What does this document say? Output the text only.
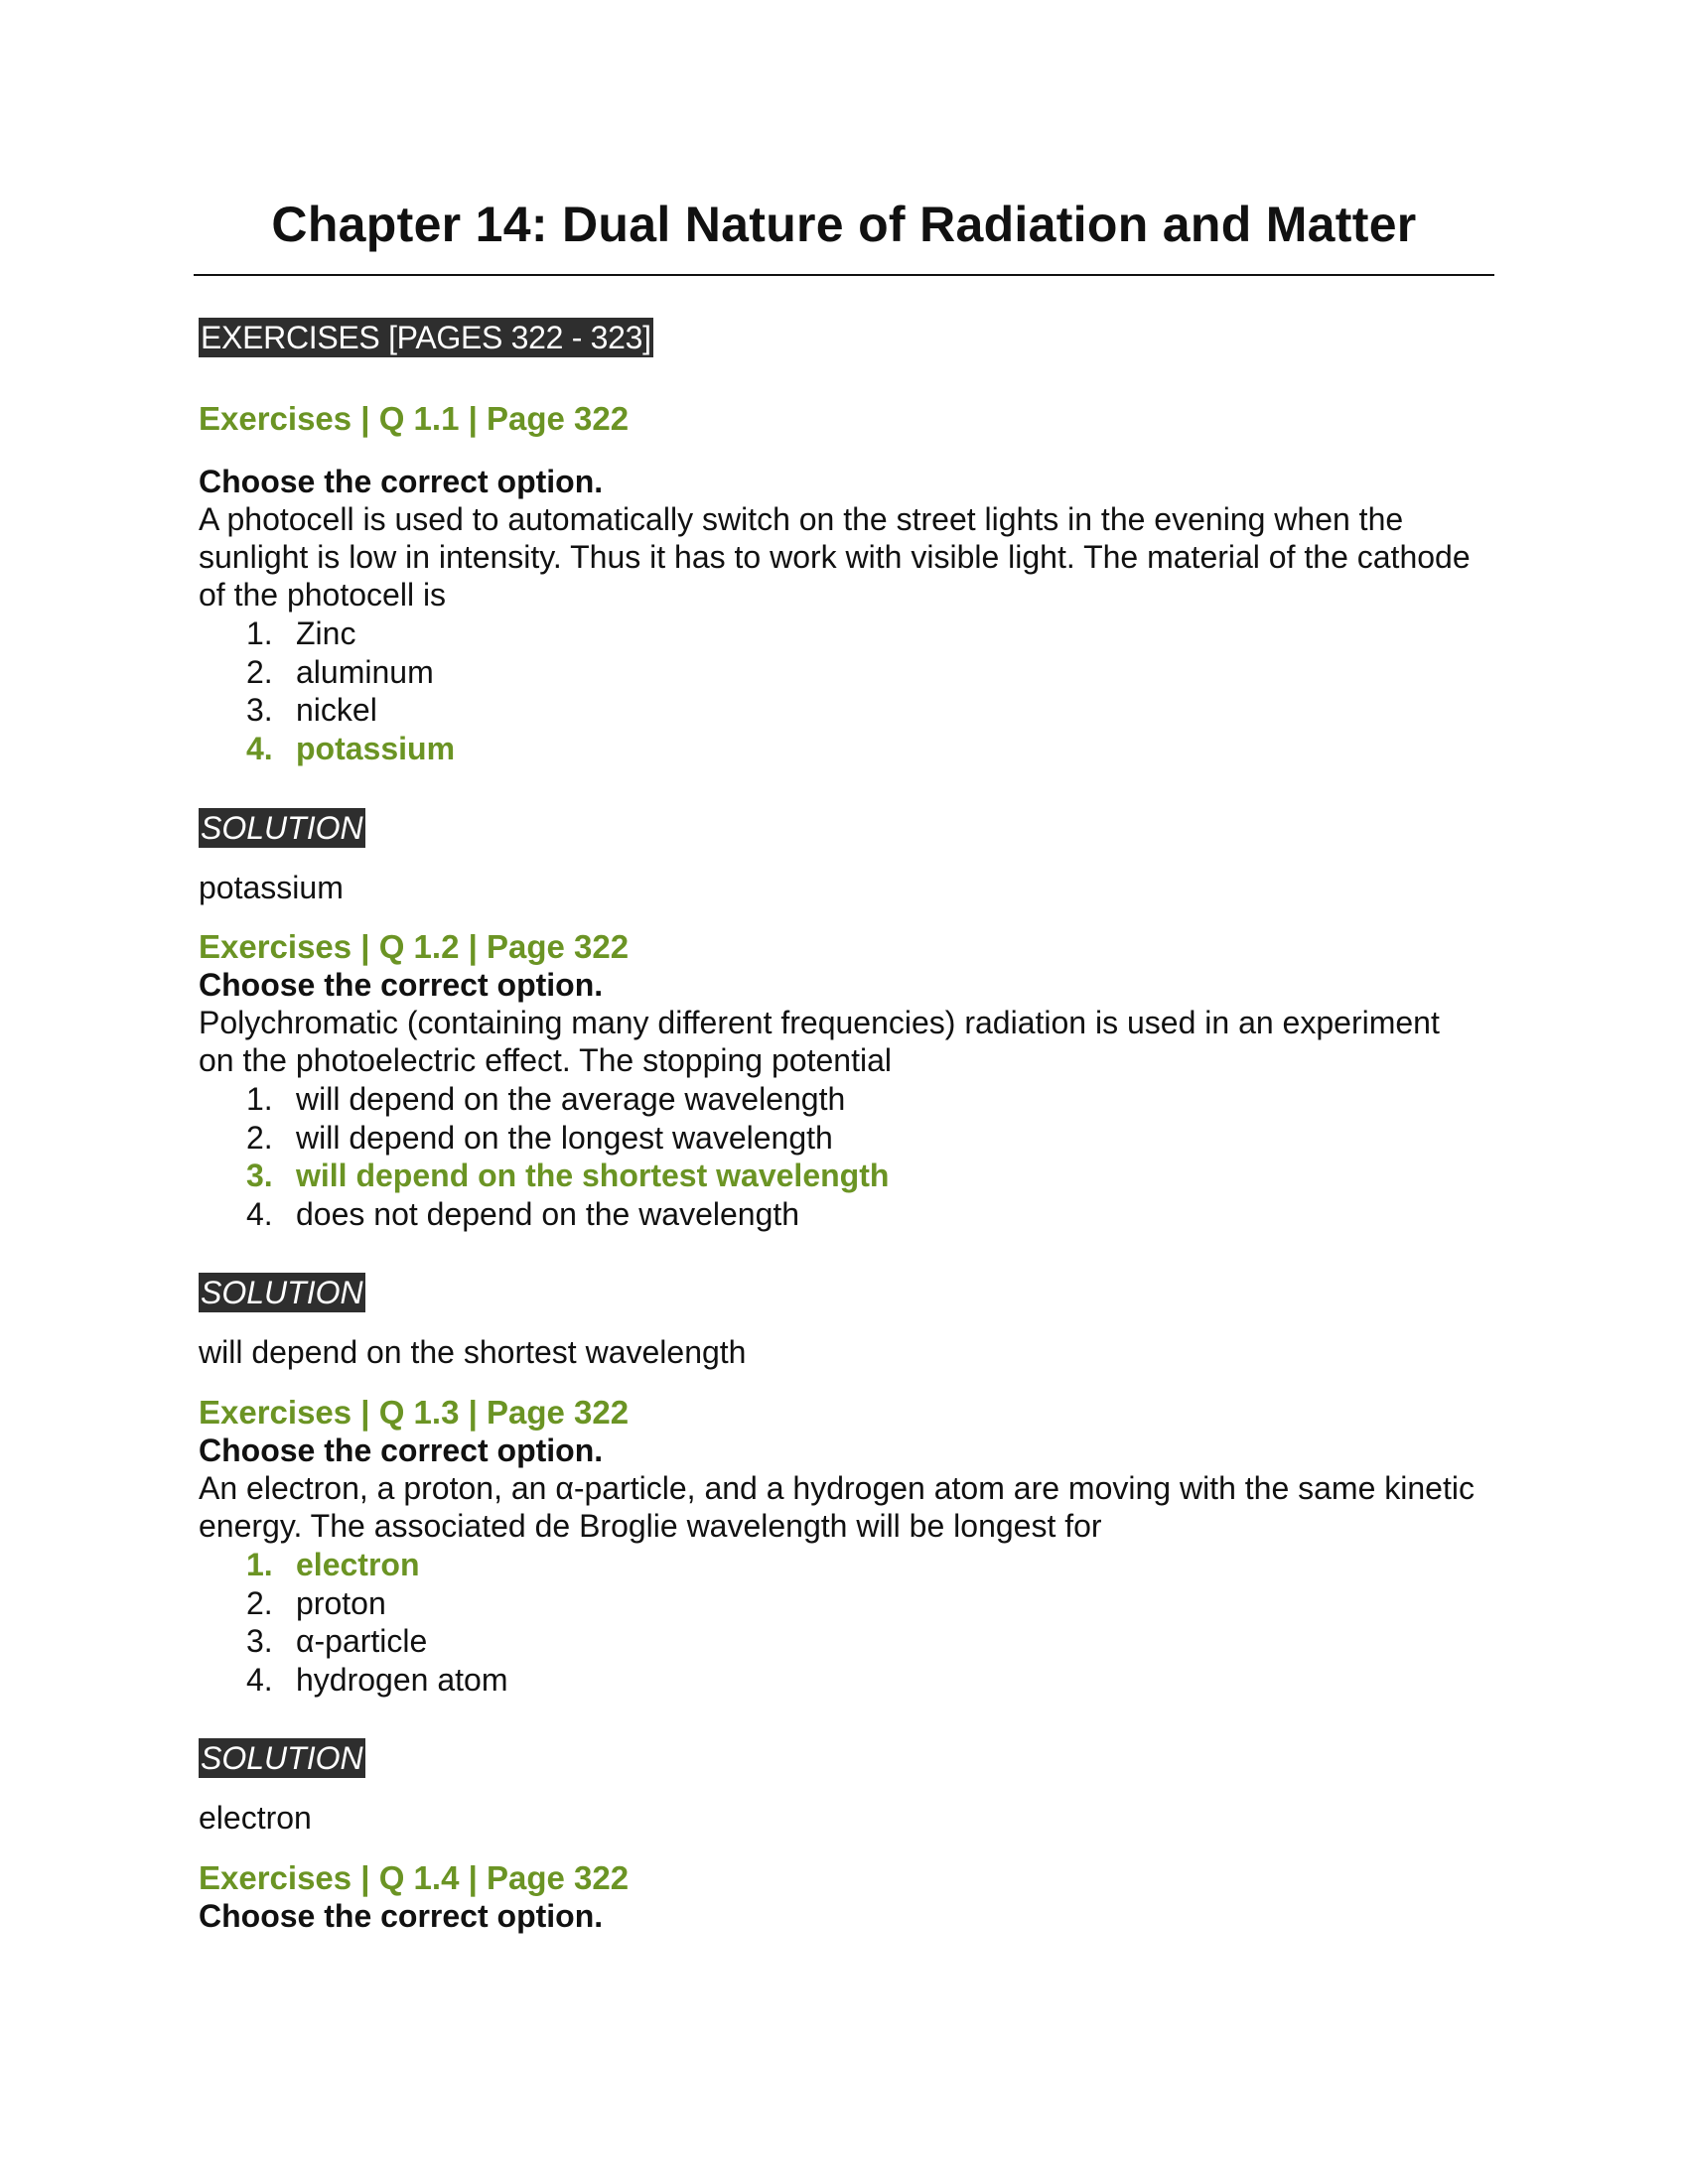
Chapter 14: Dual Nature of Radiation and Matter
EXERCISES [PAGES 322 - 323]
Exercises | Q 1.1 | Page 322

Choose the correct option.

A photocell is used to automatically switch on the street lights in the evening when the sunlight is low in intensity. Thus it has to work with visible light. The material of the cathode of the photocell is

1. Zinc
2. aluminum
3. nickel
4. potassium
SOLUTION

potassium

Exercises | Q 1.2 | Page 322

Choose the correct option.

Polychromatic (containing many different frequencies) radiation is used in an experiment on the photoelectric effect. The stopping potential

1. will depend on the average wavelength
2. will depend on the longest wavelength
3. will depend on the shortest wavelength
4. does not depend on the wavelength
SOLUTION

will depend on the shortest wavelength

Exercises | Q 1.3 | Page 322

Choose the correct option.

An electron, a proton, an α-particle, and a hydrogen atom are moving with the same kinetic energy. The associated de Broglie wavelength will be longest for

1. electron
2. proton
3. α-particle
4. hydrogen atom
SOLUTION

electron

Exercises | Q 1.4 | Page 322

Choose the correct option.
